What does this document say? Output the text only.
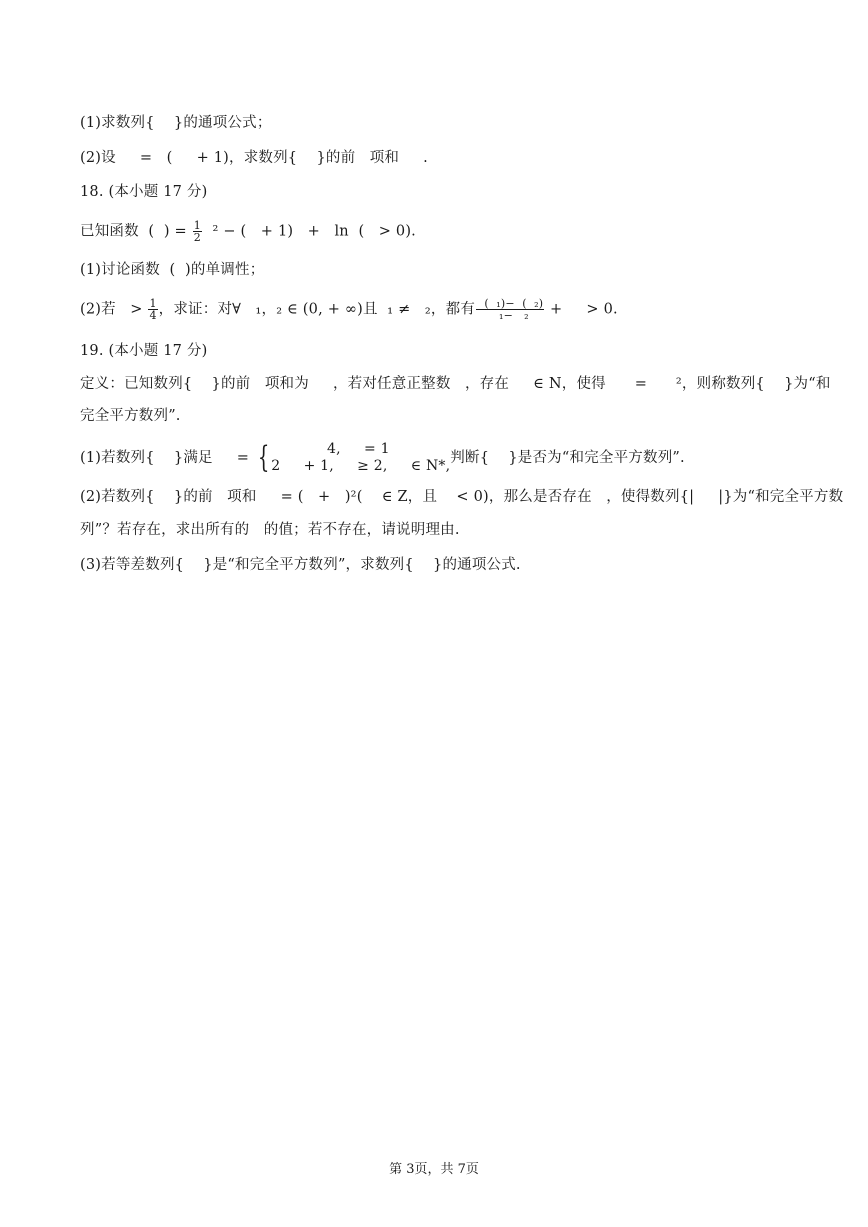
(1)求数列{    }的通项公式；
(2)设     =   (     + 1)，求数列{    }的前   项和     .
18. (本小题 17 分)
已知函数  (  ) = $\frac{1}{2} ^2$ − (   + 1)   +   ln  (   > 0).
(1)讨论函数  (  )的单调性；
(2)若   > $\frac{1}{4}$ ，求证：对∀   ₁，₂ ∈ (0, + ∞)且  ₁ ≠   ₂，都有 $\frac{\text{(  ₁)−  (  ₂)}}{\text{₁−   ₂}}$ +     > 0.
19. (本小题 17 分)
定义：已知数列{    }的前   项和为     ，若对任意正整数   ，存在     ∈ N，使得      =      ²，则称数列{    }为“和
完全平方数列”.
(1)若数列{    }满足     = { 4,     = 1
2     + 1,     ≥ 2,     ∈ N*, 判断{    }是否为“和完全平方数列”.
(2)若数列{    }的前   项和     = (   +   )²(    ∈ Z，且    < 0)，那么是否存在   ，使得数列{|     |}为“和完全平方数
列”？若存在，求出所有的   的值；若不存在，请说明理由.
(3)若等差数列{    }是“和完全平方数列”，求数列{    }的通项公式.
第 3页，共 7页
